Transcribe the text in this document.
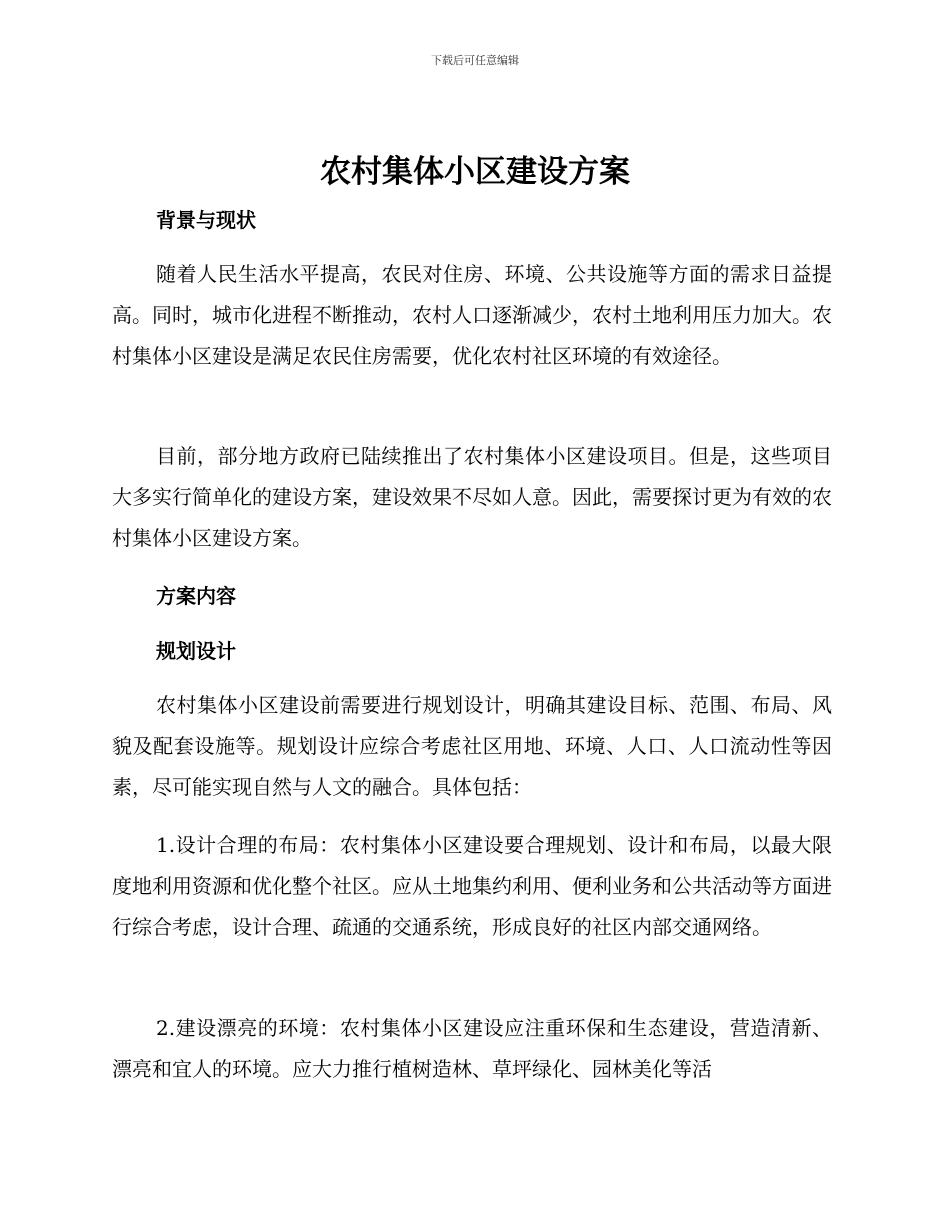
下载后可任意编辑
农村集体小区建设方案
背景与现状

随着人民生活水平提高，农民对住房、环境、公共设施等方面的需求日益提高。同时，城市化进程不断推动，农村人口逐渐减少，农村土地利用压力加大。农村集体小区建设是满足农民住房需要，优化农村社区环境的有效途径。

目前，部分地方政府已陆续推出了农村集体小区建设项目。但是，这些项目大多实行简单化的建设方案，建设效果不尽如人意。因此，需要探讨更为有效的农村集体小区建设方案。

方案内容
规划设计

农村集体小区建设前需要进行规划设计，明确其建设目标、范围、布局、风貌及配套设施等。规划设计应综合考虑社区用地、环境、人口、人口流动性等因素，尽可能实现自然与人文的融合。具体包括：

1.设计合理的布局：农村集体小区建设要合理规划、设计和布局，以最大限度地利用资源和优化整个社区。应从土地集约利用、便利业务和公共活动等方面进行综合考虑，设计合理、疏通的交通系统，形成良好的社区内部交通网络。

2.建设漂亮的环境：农村集体小区建设应注重环保和生态建设，营造清新、漂亮和宜人的环境。应大力推行植树造林、草坪绿化、园林美化等活
